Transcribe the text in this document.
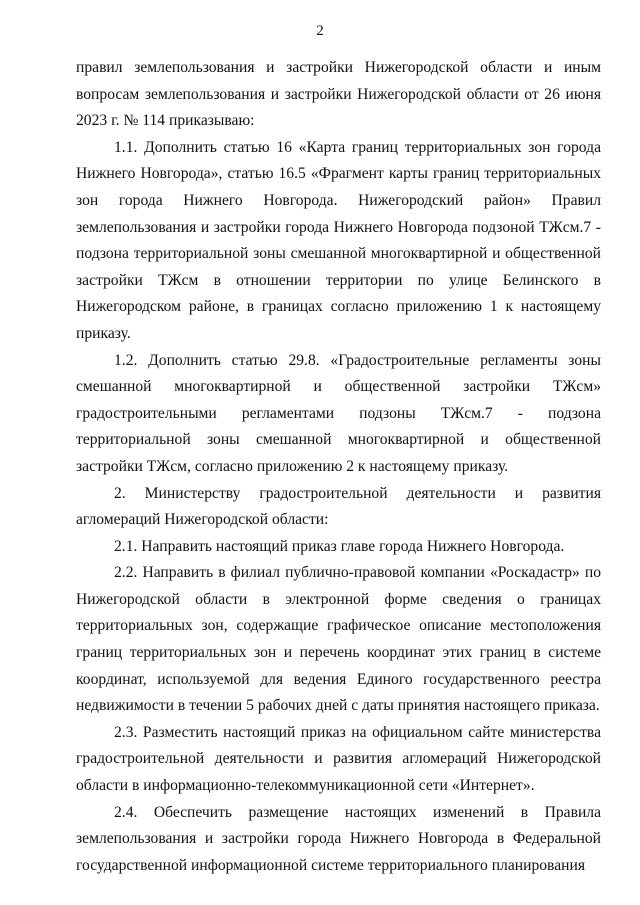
2

правил землепользования и застройки Нижегородской области и иным вопросам землепользования и застройки Нижегородской области от 26 июня 2023 г. № 114 приказываю:

1.1. Дополнить статью 16 «Карта границ территориальных зон города Нижнего Новгорода», статью 16.5 «Фрагмент карты границ территориальных зон города Нижнего Новгорода. Нижегородский район» Правил землепользования и застройки города Нижнего Новгорода подзоной ТЖсм.7 - подзона территориальной зоны смешанной многоквартирной и общественной застройки ТЖсм в отношении территории по улице Белинского в Нижегородском районе, в границах согласно приложению 1 к настоящему приказу.

1.2. Дополнить статью 29.8. «Градостроительные регламенты зоны смешанной многоквартирной и общественной застройки ТЖсм» градостроительными регламентами подзоны ТЖсм.7 - подзона территориальной зоны смешанной многоквартирной и общественной застройки ТЖсм, согласно приложению 2 к настоящему приказу.

2. Министерству градостроительной деятельности и развития агломераций Нижегородской области:

2.1. Направить настоящий приказ главе города Нижнего Новгорода.

2.2. Направить в филиал публично-правовой компании «Роскадастр» по Нижегородской области в электронной форме сведения о границах территориальных зон, содержащие графическое описание местоположения границ территориальных зон и перечень координат этих границ в системе координат, используемой для ведения Единого государственного реестра недвижимости в течении 5 рабочих дней с даты принятия настоящего приказа.

2.3. Разместить настоящий приказ на официальном сайте министерства градостроительной деятельности и развития агломераций Нижегородской области в информационно-телекоммуникационной сети «Интернет».

2.4. Обеспечить размещение настоящих изменений в Правила землепользования и застройки города Нижнего Новгорода в Федеральной государственной информационной системе территориального планирования
